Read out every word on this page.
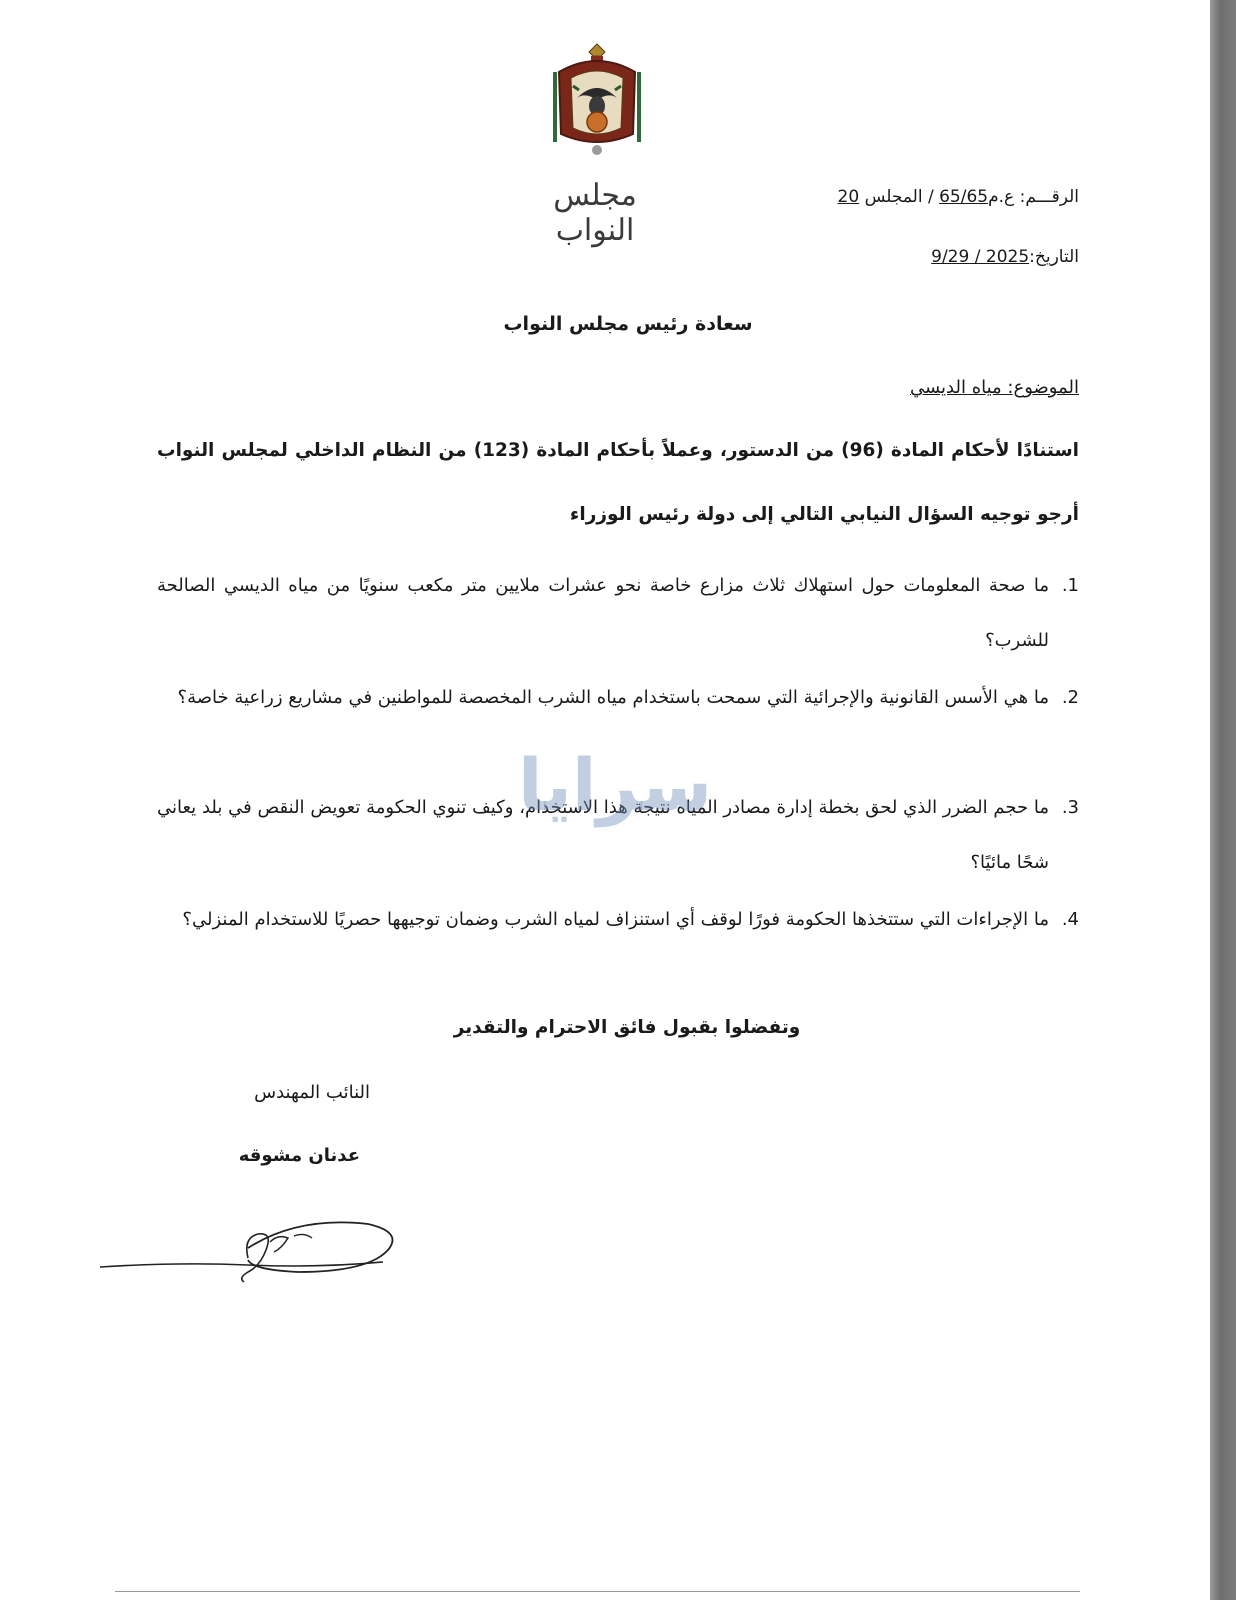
مجلس النواب
الرقـــم: ع.م65/65 / المجلس 20
التاريخ:2025 / 9/29
سعادة رئيس مجلس النواب
الموضوع: مياه الديسي
استنادًا لأحكام المادة (96) من الدستور، وعملاً بأحكام المادة (123) من النظام الداخلي لمجلس النواب
أرجو توجيه السؤال النيابي التالي إلى دولة رئيس الوزراء
1.
ما صحة المعلومات حول استهلاك ثلاث مزارع خاصة نحو عشرات ملايين متر مكعب سنويًا من مياه الديسي الصالحة للشرب؟
2.
ما هي الأسس القانونية والإجرائية التي سمحت باستخدام مياه الشرب المخصصة للمواطنين في مشاريع زراعية خاصة؟
3.
ما حجم الضرر الذي لحق بخطة إدارة مصادر المياه نتيجة هذا الاستخدام، وكيف تنوي الحكومة تعويض النقص في بلد يعاني شحًا مائيًا؟
4.
ما الإجراءات التي ستتخذها الحكومة فورًا لوقف أي استنزاف لمياه الشرب وضمان توجيهها حصريًا للاستخدام المنزلي؟
سرايا
وتفضلوا بقبول فائق الاحترام والتقدير
النائب المهندس
عدنان مشوقه
